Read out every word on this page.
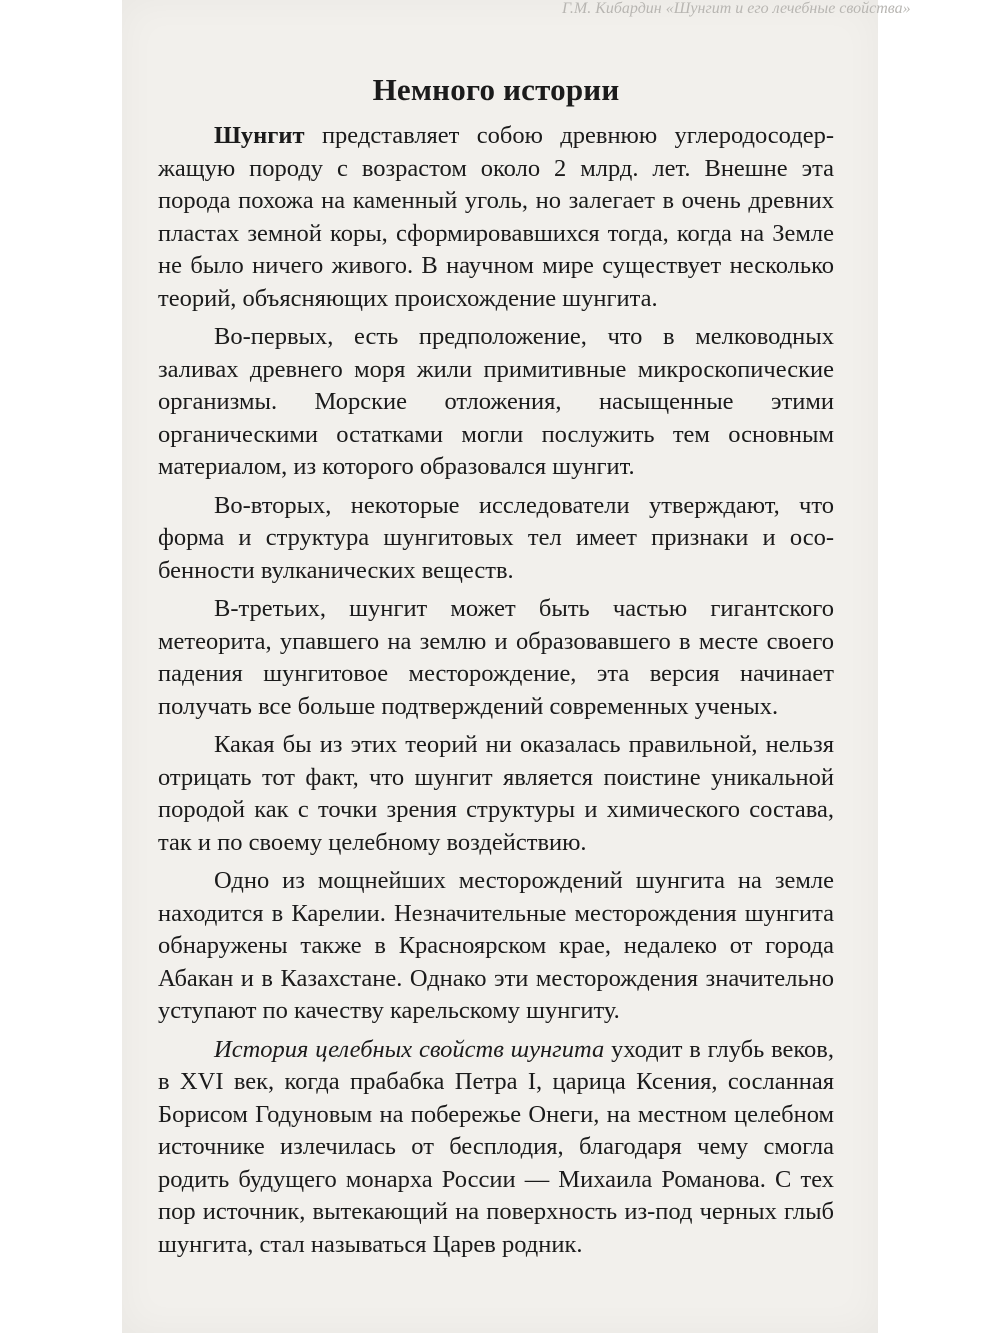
Г.М. Кибардин «Шунгит и его лечебные свойства»
Немного истории

Шунгит представляет собою древнюю углеродосодержащую породу с возрастом около 2 млрд. лет. Внешне эта порода похожа на каменный уголь, но залегает в очень древних пластах земной коры, сформировавшихся тогда, когда на Земле не было ничего живого. В научном мире существует несколько теорий, объясняющих происхождение шунгита.

Во-первых, есть предположение, что в мелководных заливах древнего моря жили примитивные микроскопические организмы. Морские отложения, насыщенные этими органическими остатками могли послужить тем основным материалом, из которого образовался шунгит.

Во-вторых, некоторые исследователи утверждают, что форма и структура шунгитовых тел имеет признаки и особенности вулканических веществ.

В-третьих, шунгит может быть частью гигантского метеорита, упавшего на землю и образовавшего в месте своего падения шунгитовое месторождение, эта версия начинает получать все больше подтверждений современных ученых.

Какая бы из этих теорий ни оказалась правильной, нельзя отрицать тот факт, что шунгит является поистине уникальной породой как с точки зрения структуры и химического состава, так и по своему целебному воздействию.

Одно из мощнейших месторождений шунгита на земле находится в Карелии. Незначительные месторождения шунгита обнаружены также в Красноярском крае, недалеко от города Абакан и в Казахстане. Однако эти месторождения значительно уступают по качеству карельскому шунгиту.

История целебных свойств шунгита уходит в глубь веков, в XVI век, когда прабабка Петра I, царица Ксения, сосланная Борисом Годуновым на побережье Онеги, на местном целебном источнике излечилась от бесплодия, благодаря чему смогла родить будущего монарха России — Михаила Романова. С тех пор источник, вытекающий на поверхность из-под черных глыб шунгита, стал называться Царев родник.
